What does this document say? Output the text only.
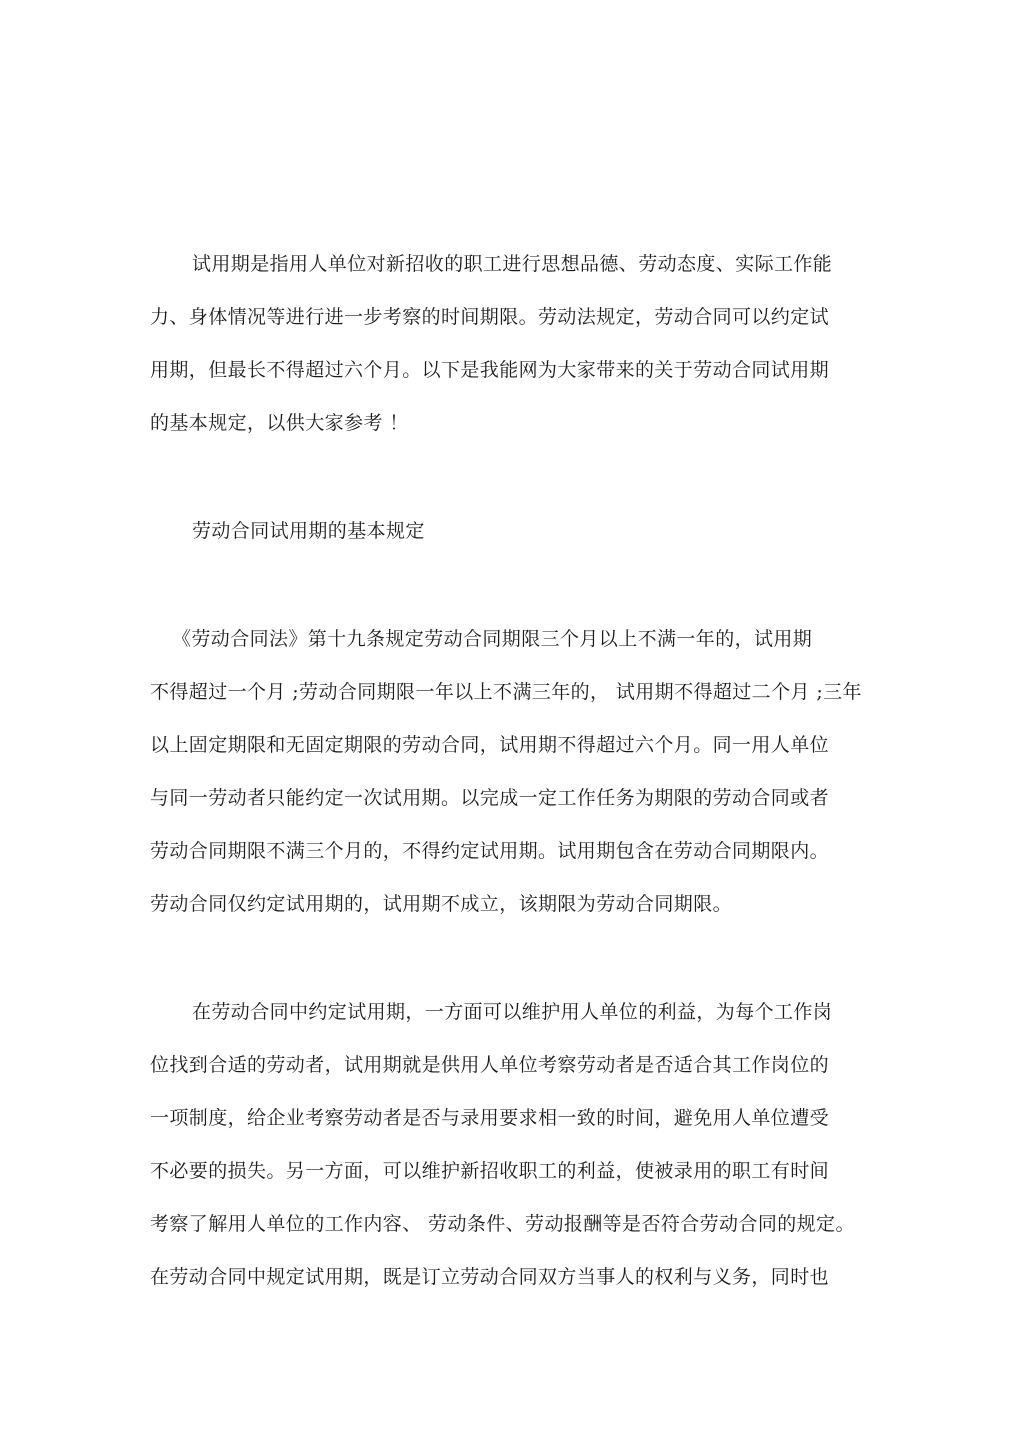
试用期是指用人单位对新招收的职工进行思想品德、劳动态度、实际工作能
力、身体情况等进行进一步考察的时间期限。劳动法规定，劳动合同可以约定试
用期，但最长不得超过六个月。以下是我能网为大家带来的关于劳动合同试用期
的基本规定，以供大家参考 ！
劳动合同试用期的基本规定
《劳动合同法》第十九条规定劳动合同期限三个月以上不满一年的，试用期
不得超过一个月 ;劳动合同期限一年以上不满三年的， 试用期不得超过二个月 ;三年
以上固定期限和无固定期限的劳动合同，试用期不得超过六个月。同一用人单位
与同一劳动者只能约定一次试用期。以完成一定工作任务为期限的劳动合同或者
劳动合同期限不满三个月的，不得约定试用期。试用期包含在劳动合同期限内。
劳动合同仅约定试用期的，试用期不成立，该期限为劳动合同期限。
在劳动合同中约定试用期，一方面可以维护用人单位的利益，为每个工作岗
位找到合适的劳动者，试用期就是供用人单位考察劳动者是否适合其工作岗位的
一项制度，给企业考察劳动者是否与录用要求相一致的时间，避免用人单位遭受
不必要的损失。另一方面，可以维护新招收职工的利益，使被录用的职工有时间
考察了解用人单位的工作内容、 劳动条件、劳动报酬等是否符合劳动合同的规定。
在劳动合同中规定试用期，既是订立劳动合同双方当事人的权利与义务，同时也
